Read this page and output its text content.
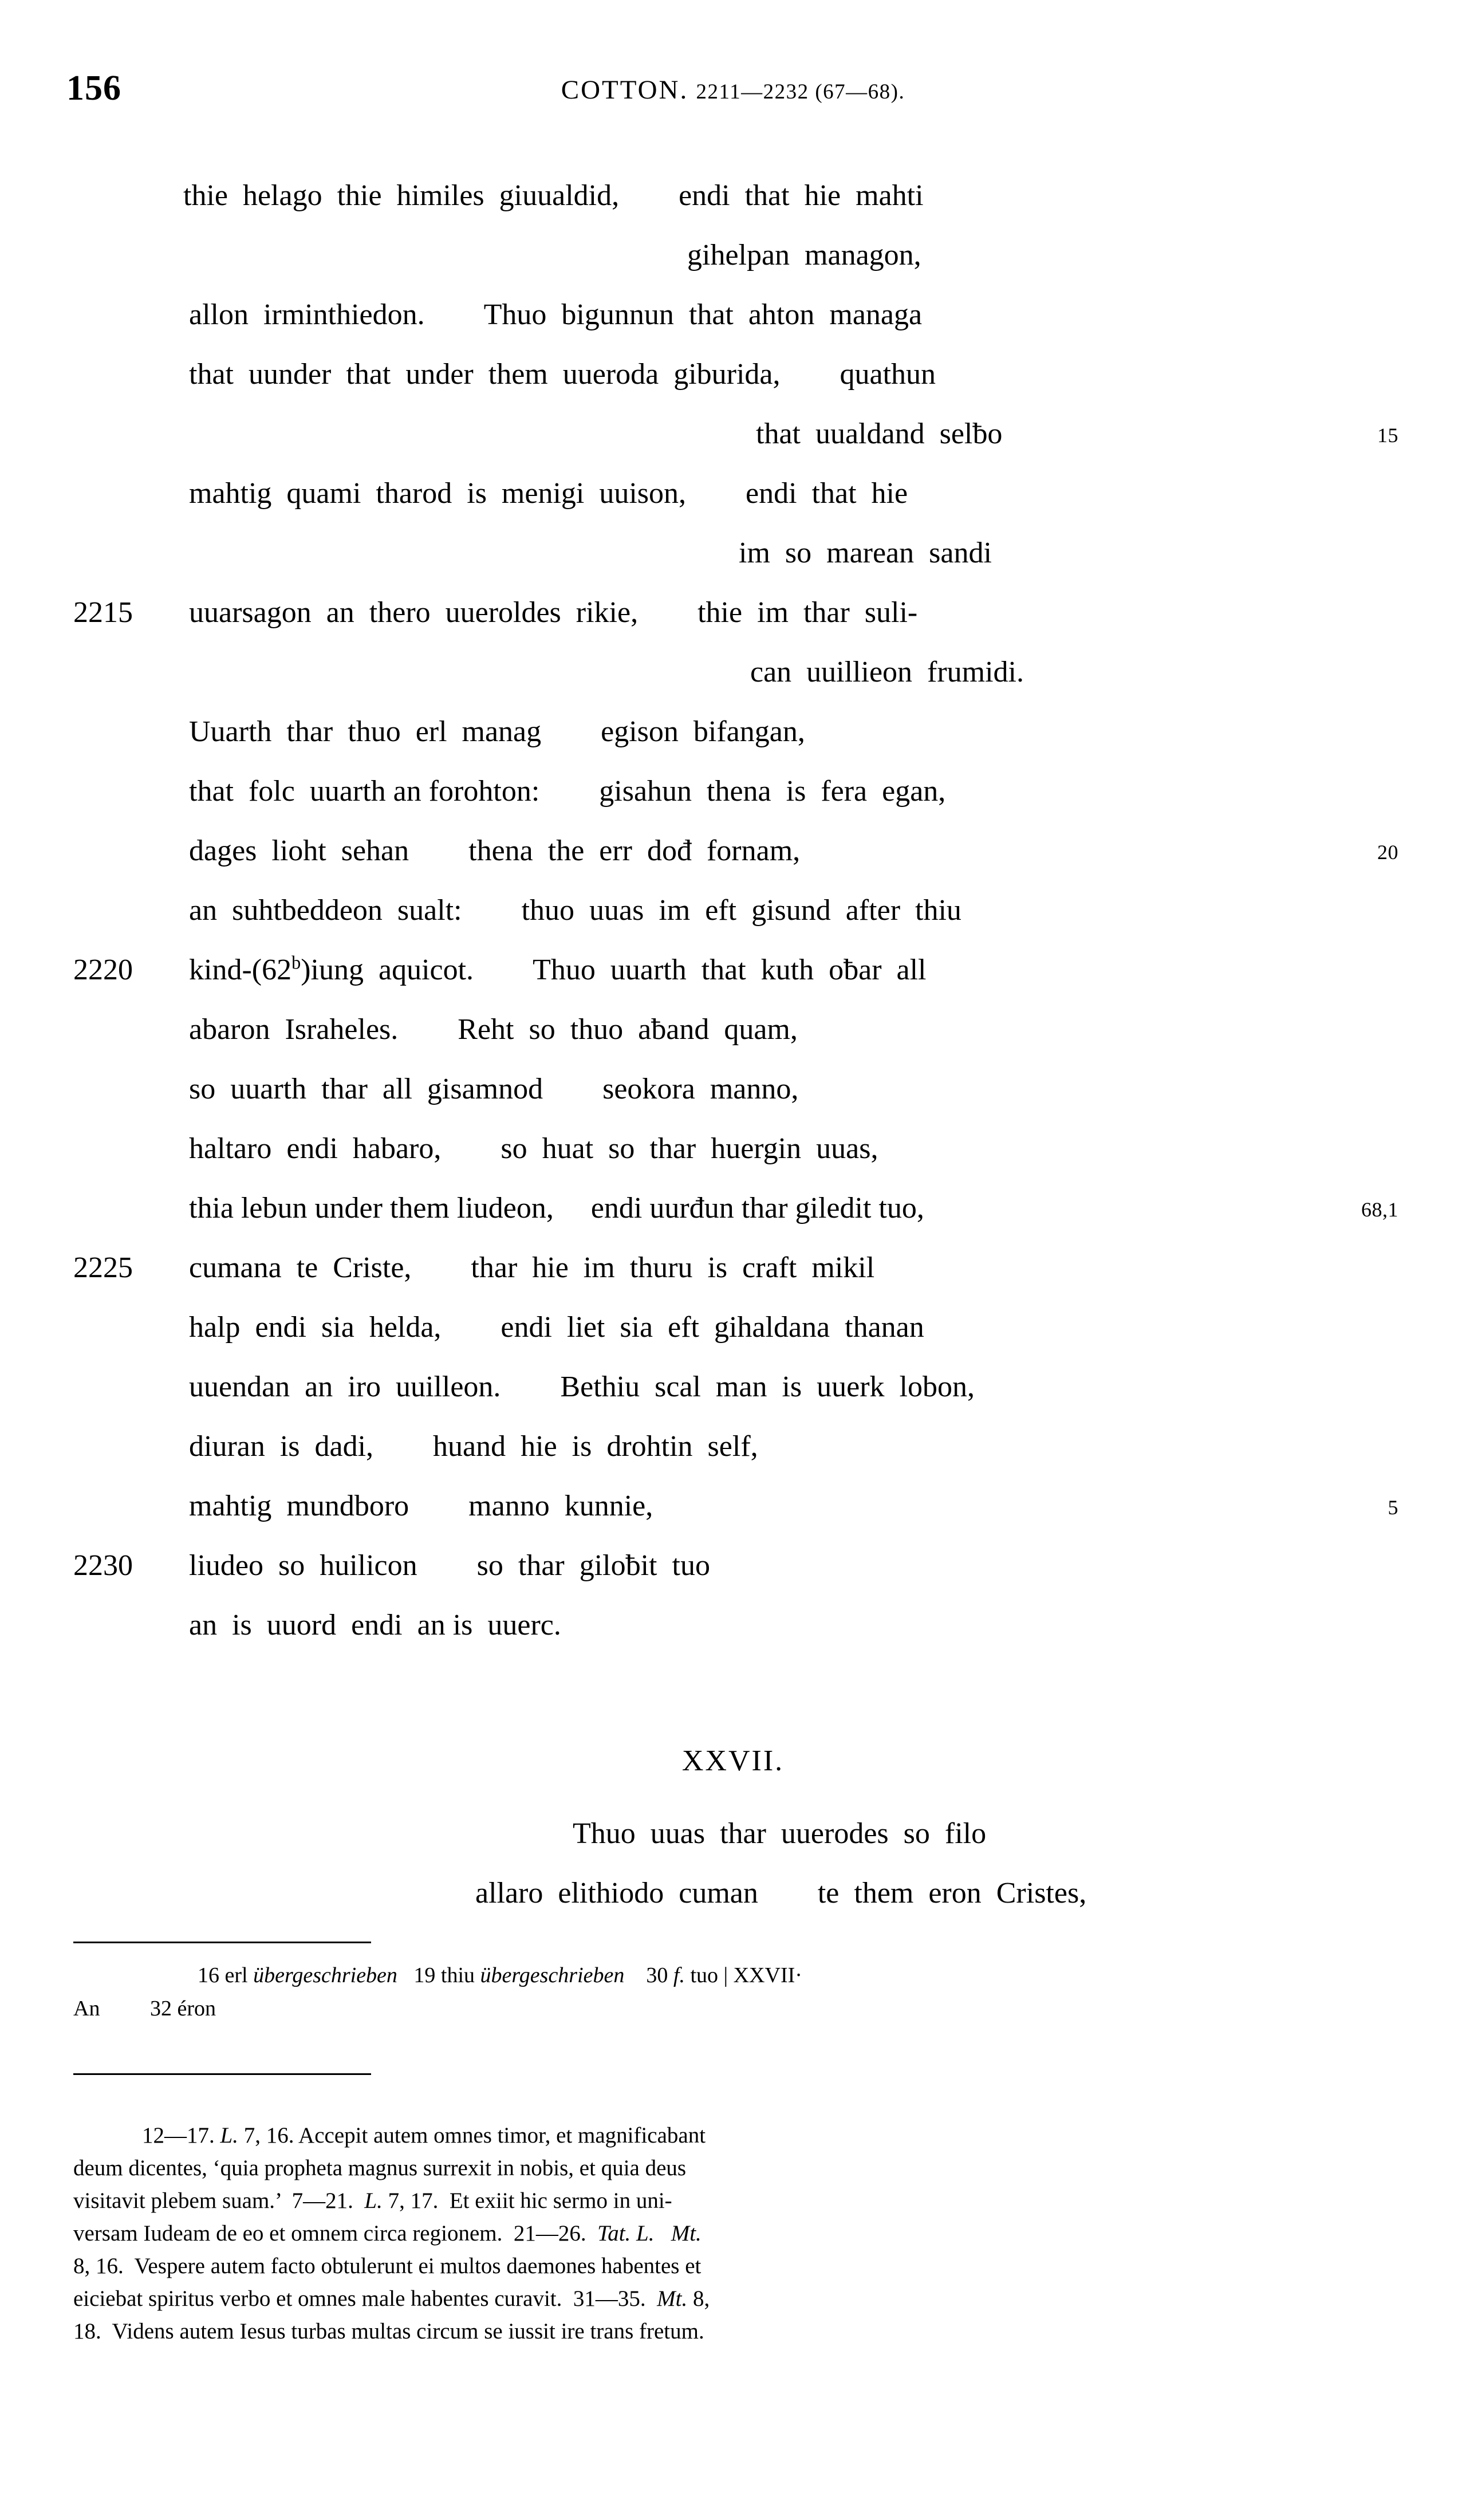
156	COTTON. 2211—2232 (67—68).
thie  helago  thie  himiles  giuualdid,        endi  that  hie  mahti
gihelpan  managon,
allon  irminthiedon.        Thuo  bigunnun  that  ahton  managa
that  uunder  that  under  them  uueroda  giburida,        quathun
that  uualdand  selƀo	15
mahtig  quami  tharod  is  menigi  uuison,        endi  that  hie
im  so  marean  sandi
2215	uuarsagon  an  thero  uueroldes  rikie,        thie  im  thar  suli-
can  uuillieon  frumidi.
Uuarth  thar  thuo  erl  manag        egison  bifangan,
that  folc  uuarth an forohton:        gisahun  thena  is  fera  egan,
dages  lioht  sehan        thena  the  err  dođ  fornam,	20
an  suhtbeddeon  sualt:        thuo  uuas  im  eft  gisund  after  thiu
2220	kind-(62$^b$)iung  aquicot.        Thuo  uuarth  that  kuth  oƀar  all
abaron  Israheles.        Reht  so  thuo  aƀand  quam,
so  uuarth  thar  all  gisamnod        seokora  manno,
haltaro  endi  habaro,        so  huat  so  thar  huergin  uuas,
thia lebun under them liudeon,     endi uurđun thar giledit tuo,	68,1
2225	cumana  te  Criste,        thar  hie  im  thuru  is  craft  mikil
halp  endi  sia  helda,        endi  liet  sia  eft  gihaldana  thanan
uuendan  an  iro  uuilleon.        Bethiu  scal  man  is  uuerk  lobon,
diuran  is  dadi,        huand  hie  is  drohtin  self,
mahtig  mundboro        manno  kunnie,	5
2230	liudeo  so  huilicon        so  thar  giloƀit  tuo
an  is  uuord  endi  an is  uuerc.
XXVII.
Thuo  uuas  thar  uuerodes  so  filo
allaro  elithiodo  cuman        te  them  eron  Cristes,

16 erl übergeschrieben   19 thiu übergeschrieben    30 f. tuo | XXVII·

An

32 éron

12—17. L. 7, 16. Accepit autem omnes timor, et magnificabant
deum dicentes, ‘quia propheta magnus surrexit in nobis, et quia deus
visitavit plebem suam.’  7—21.  L. 7, 17.  Et exiit hic sermo in uni-
versam Iudeam de eo et omnem circa regionem.  21—26.  Tat. L.   Mt.
8, 16.  Vespere autem facto obtulerunt ei multos daemones habentes et
eiciebat spiritus verbo et omnes male habentes curavit.  31—35.  Mt. 8,
18.  Videns autem Iesus turbas multas circum se iussit ire trans fretum.
